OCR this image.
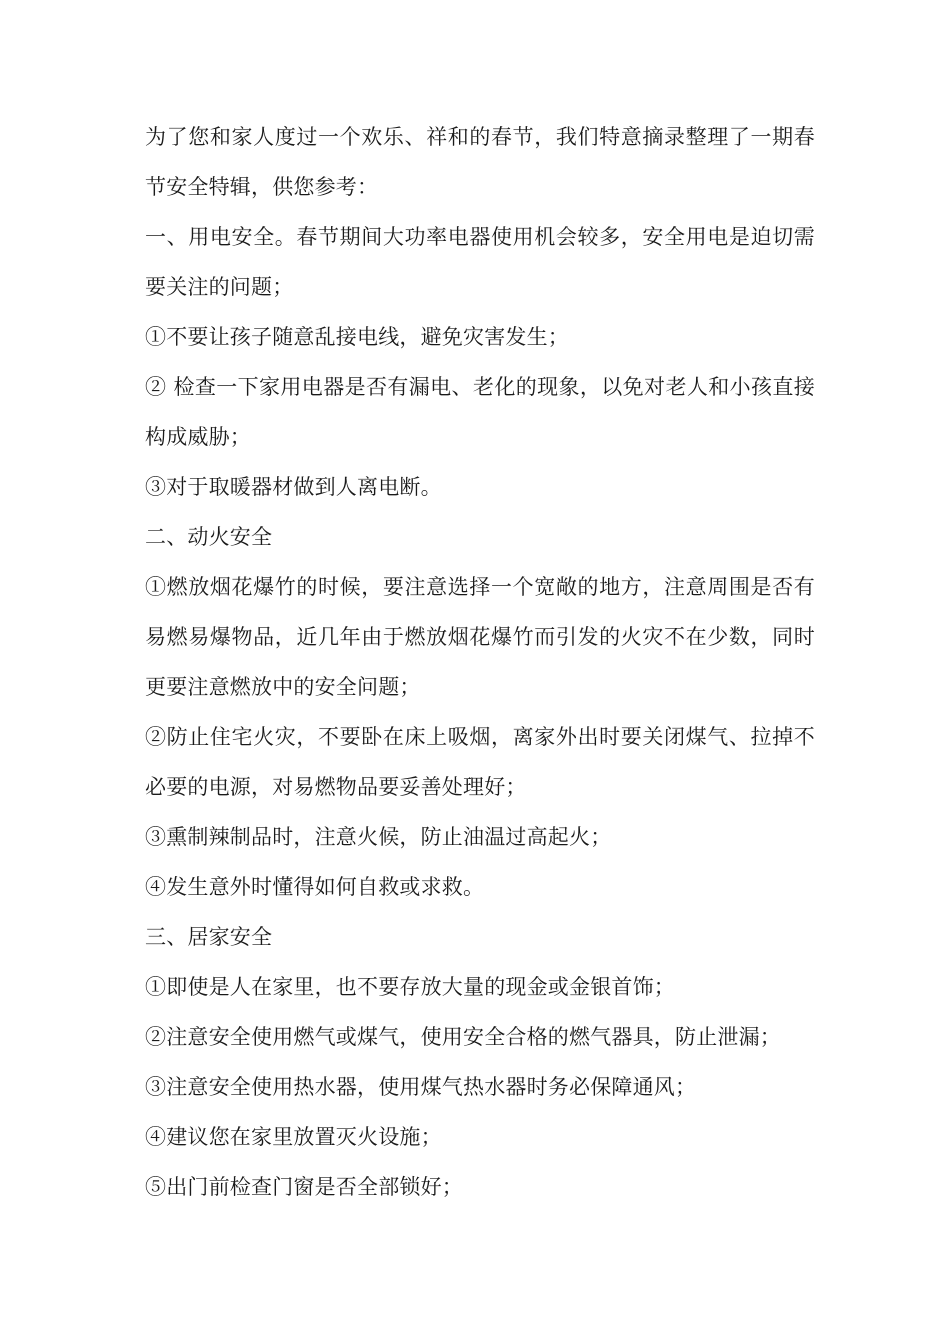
为了您和家人度过一个欢乐、祥和的春节，我们特意摘录整理了一期春节安全特辑，供您参考：

一、用电安全。春节期间大功率电器使用机会较多，安全用电是迫切需要关注的问题；

①不要让孩子随意乱接电线，避免灾害发生；

② 检查一下家用电器是否有漏电、老化的现象，以免对老人和小孩直接构成威胁；

③对于取暖器材做到人离电断。

二、动火安全

①燃放烟花爆竹的时候，要注意选择一个宽敞的地方，注意周围是否有易燃易爆物品，近几年由于燃放烟花爆竹而引发的火灾不在少数，同时更要注意燃放中的安全问题；

②防止住宅火灾，不要卧在床上吸烟，离家外出时要关闭煤气、拉掉不必要的电源，对易燃物品要妥善处理好；

③熏制辣制品时，注意火候，防止油温过高起火；

④发生意外时懂得如何自救或求救。

三、居家安全

①即使是人在家里，也不要存放大量的现金或金银首饰；

②注意安全使用燃气或煤气，使用安全合格的燃气器具，防止泄漏；

③注意安全使用热水器，使用煤气热水器时务必保障通风；

④建议您在家里放置灭火设施；

⑤出门前检查门窗是否全部锁好；
